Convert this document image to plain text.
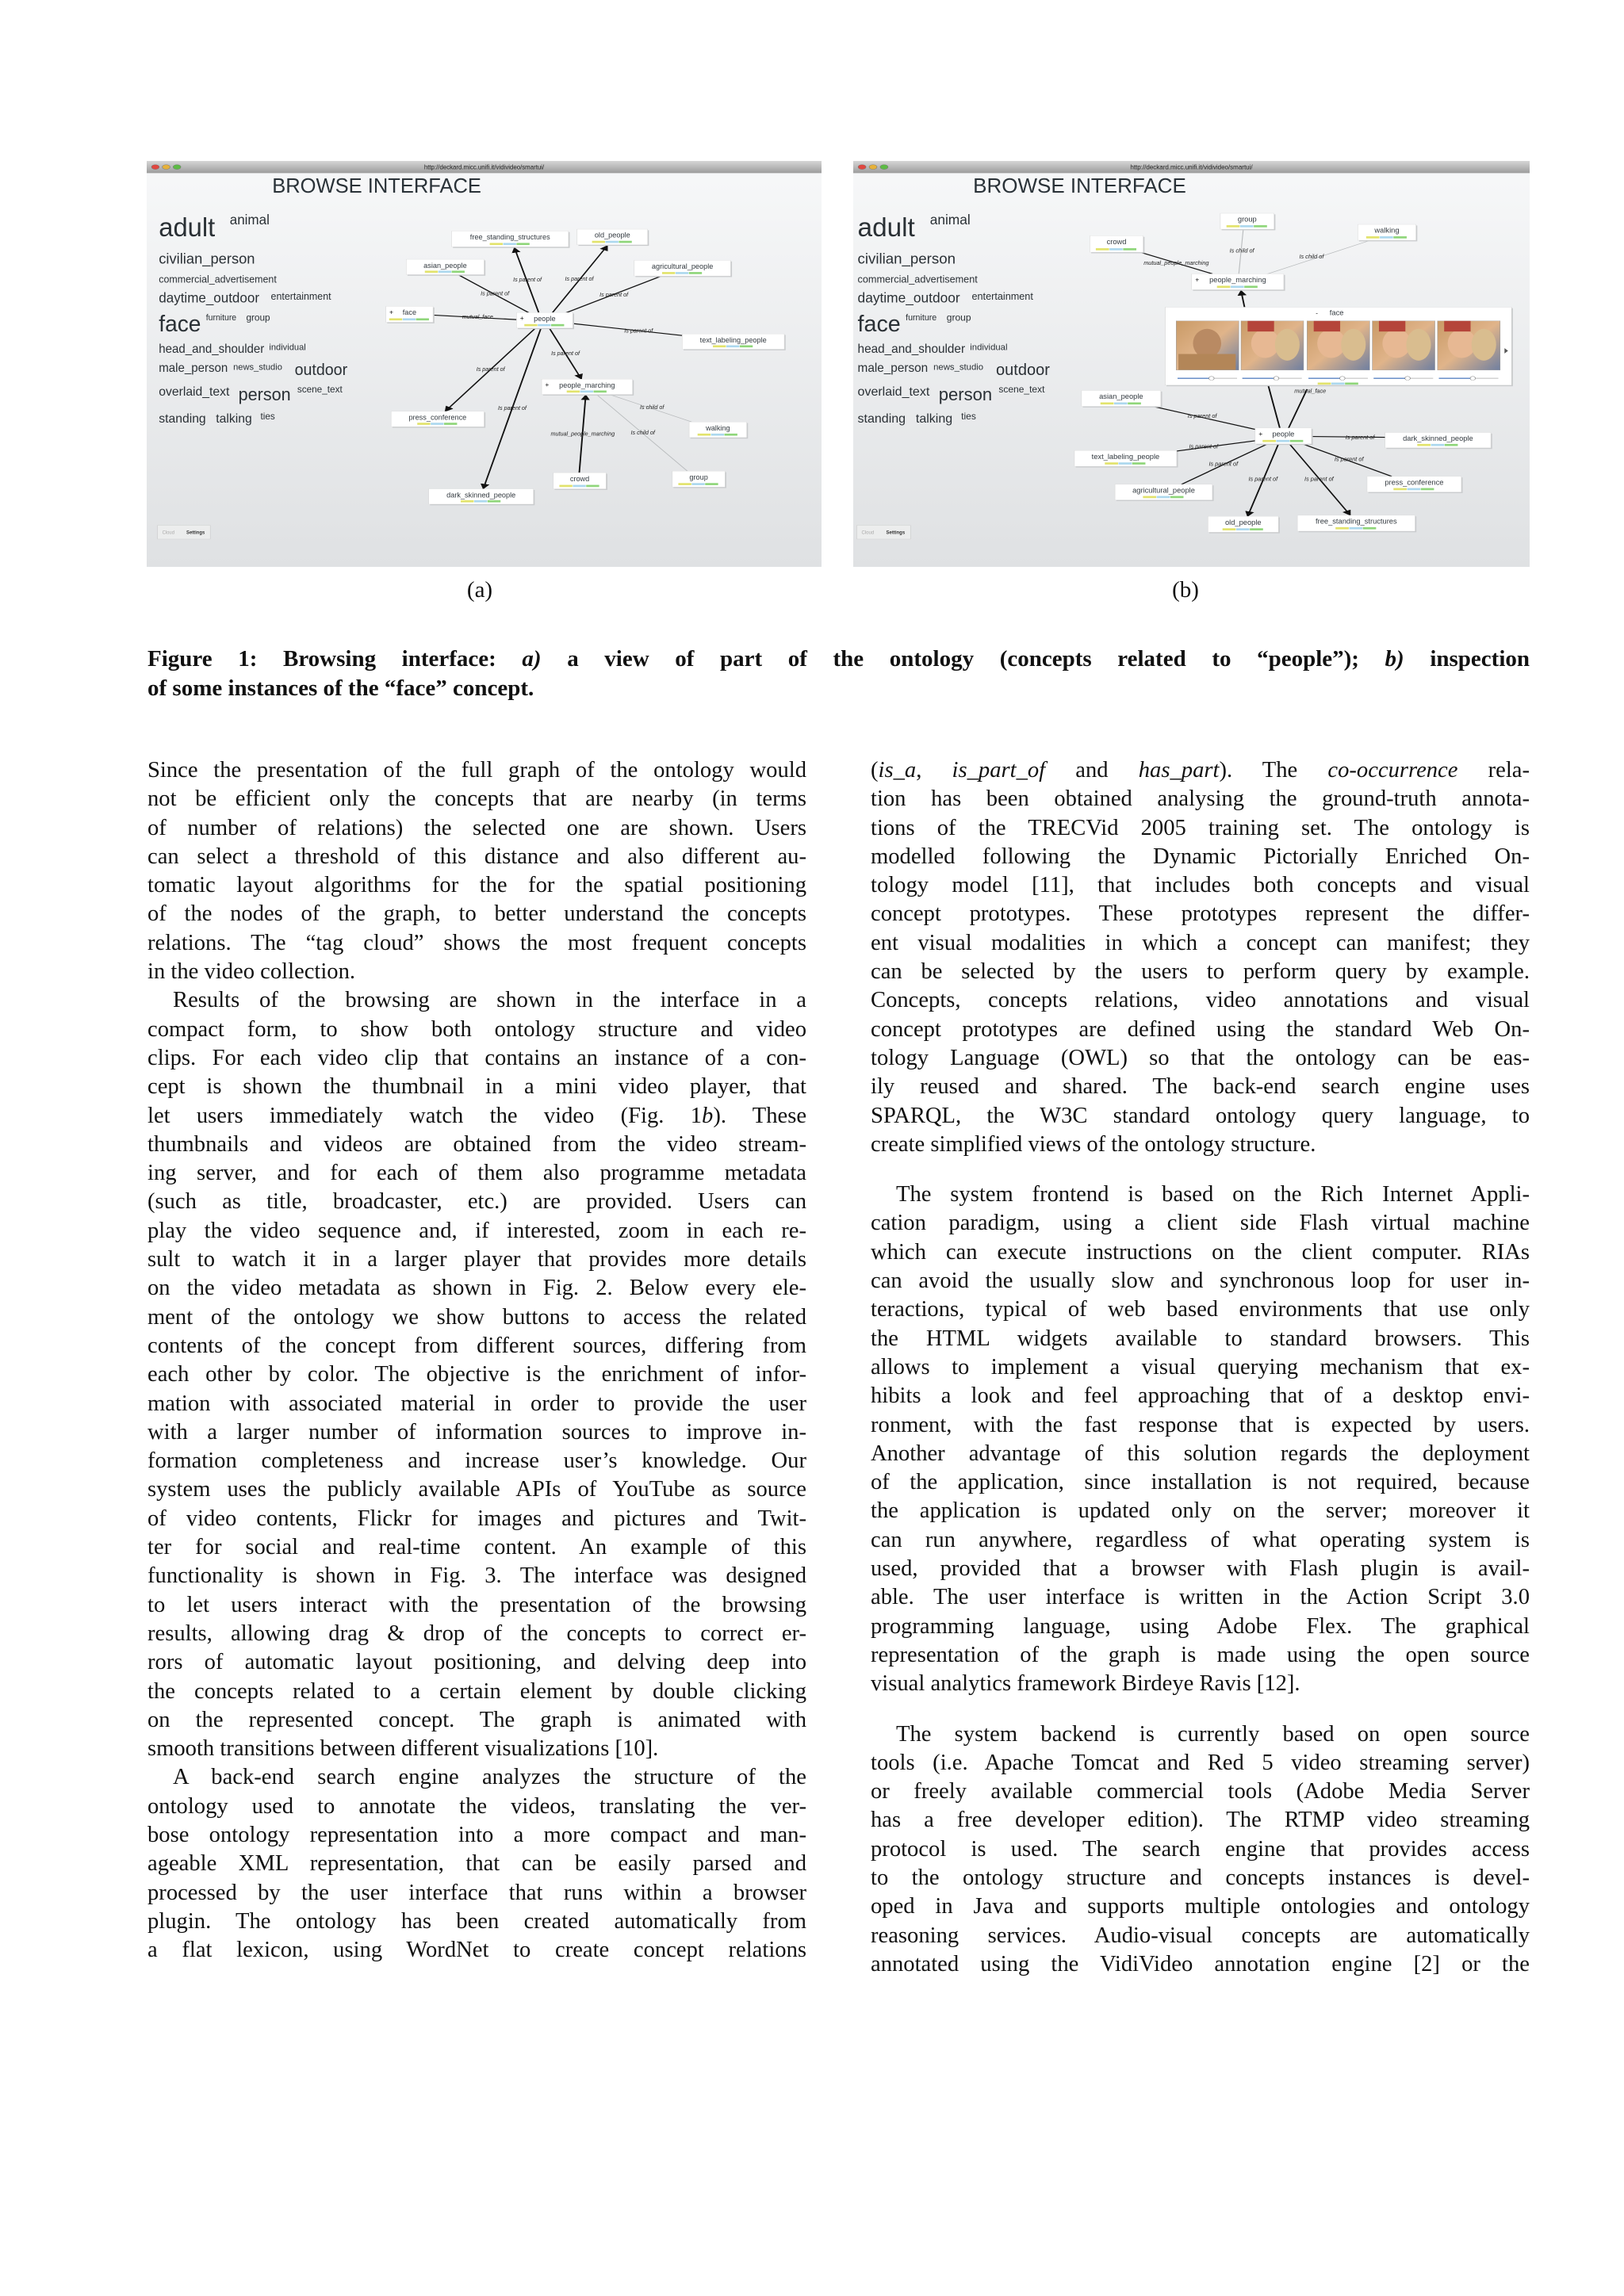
http://deckard.micc.unifi.it/vidivideo/smartui/
BROWSE INTERFACE
adult animal
civilian_person
commercial_advertisement
daytime_outdoor entertainment
face furniture group
head_and_shoulder individual
male_person news_studio outdoor
overlaid_text person scene_text
standing talking ties
Is parent of Is parent of
Is parent of	Is parent of
mutual_face
Is parent of
Is parent of
Is parent of
Is parent of
mutual_people_marching
Is child of
Is child of
free_standing_structures old_people
asian_people	agricultural_people
face
+
people
+
text_labeling_people
people_marching
+
press_conference
walking
crowd	group
dark_skinned_people
Cloud Settings
(a)
http://deckard.micc.unifi.it/vidivideo/smartui/
BROWSE INTERFACE
adult animal
civilian_person
commercial_advertisement
daytime_outdoor entertainment
face furniture group
head_and_shoulder individual
male_person news_studio outdoor
overlaid_text person scene_text
standing talking ties
mutual_people_marching
Is child of
Is child of
mutual_face
Is parent of
Is parent of
Is parent of
Is parent of
Is parent of Is parent of
Is parent of
group
walking
crowd
people_marching
+
asian_people
people
+
dark_skinned_people
text_labeling_people
agricultural_people
press_conference
old_people free_standing_structures
- face
Cloud Settings
(b)
Figure 1: Browsing interface: a) a view of part of the ontology (concepts related to “people”); b) inspection
of some instances of the “face” concept.
Since the presentation of the full graph of the ontology would
not be efficient only the concepts that are nearby (in terms
of number of relations) the selected one are shown. Users
can select a threshold of this distance and also different au-
tomatic layout algorithms for the for the spatial positioning
of the nodes of the graph, to better understand the concepts
relations. The “tag cloud” shows the most frequent concepts
in the video collection.
Results of the browsing are shown in the interface in a
compact form, to show both ontology structure and video
clips. For each video clip that contains an instance of a con-
cept is shown the thumbnail in a mini video player, that
let users immediately watch the video (Fig. 1b). These
thumbnails and videos are obtained from the video stream-
ing server, and for each of them also programme metadata
(such as title, broadcaster, etc.) are provided. Users can
play the video sequence and, if interested, zoom in each re-
sult to watch it in a larger player that provides more details
on the video metadata as shown in Fig. 2. Below every ele-
ment of the ontology we show buttons to access the related
contents of the concept from different sources, differing from
each other by color. The objective is the enrichment of infor-
mation with associated material in order to provide the user
with a larger number of information sources to improve in-
formation completeness and increase user’s knowledge. Our
system uses the publicly available APIs of YouTube as source
of video contents, Flickr for images and pictures and Twit-
ter for social and real-time content. An example of this
functionality is shown in Fig. 3. The interface was designed
to let users interact with the presentation of the browsing
results, allowing drag & drop of the concepts to correct er-
rors of automatic layout positioning, and delving deep into
the concepts related to a certain element by double clicking
on the represented concept. The graph is animated with
smooth transitions between different visualizations [10].
A back-end search engine analyzes the structure of the
ontology used to annotate the videos, translating the ver-
bose ontology representation into a more compact and man-
ageable XML representation, that can be easily parsed and
processed by the user interface that runs within a browser
plugin. The ontology has been created automatically from
a flat lexicon, using WordNet to create concept relations
(is_a, is_part_of and has_part). The co-occurrence rela-
tion has been obtained analysing the ground-truth annota-
tions of the TRECVid 2005 training set. The ontology is
modelled following the Dynamic Pictorially Enriched On-
tology model [11], that includes both concepts and visual
concept prototypes. These prototypes represent the differ-
ent visual modalities in which a concept can manifest; they
can be selected by the users to perform query by example.
Concepts, concepts relations, video annotations and visual
concept prototypes are defined using the standard Web On-
tology Language (OWL) so that the ontology can be eas-
ily reused and shared. The back-end search engine uses
SPARQL, the W3C standard ontology query language, to
create simplified views of the ontology structure.
The system frontend is based on the Rich Internet Appli-
cation paradigm, using a client side Flash virtual machine
which can execute instructions on the client computer. RIAs
can avoid the usually slow and synchronous loop for user in-
teractions, typical of web based environments that use only
the HTML widgets available to standard browsers. This
allows to implement a visual querying mechanism that ex-
hibits a look and feel approaching that of a desktop envi-
ronment, with the fast response that is expected by users.
Another advantage of this solution regards the deployment
of the application, since installation is not required, because
the application is updated only on the server; moreover it
can run anywhere, regardless of what operating system is
used, provided that a browser with Flash plugin is avail-
able. The user interface is written in the Action Script 3.0
programming language, using Adobe Flex. The graphical
representation of the graph is made using the open source
visual analytics framework Birdeye Ravis [12].
The system backend is currently based on open source
tools (i.e. Apache Tomcat and Red 5 video streaming server)
or freely available commercial tools (Adobe Media Server
has a free developer edition). The RTMP video streaming
protocol is used. The search engine that provides access
to the ontology structure and concepts instances is devel-
oped in Java and supports multiple ontologies and ontology
reasoning services. Audio-visual concepts are automatically
annotated using the VidiVideo annotation engine [2] or the
